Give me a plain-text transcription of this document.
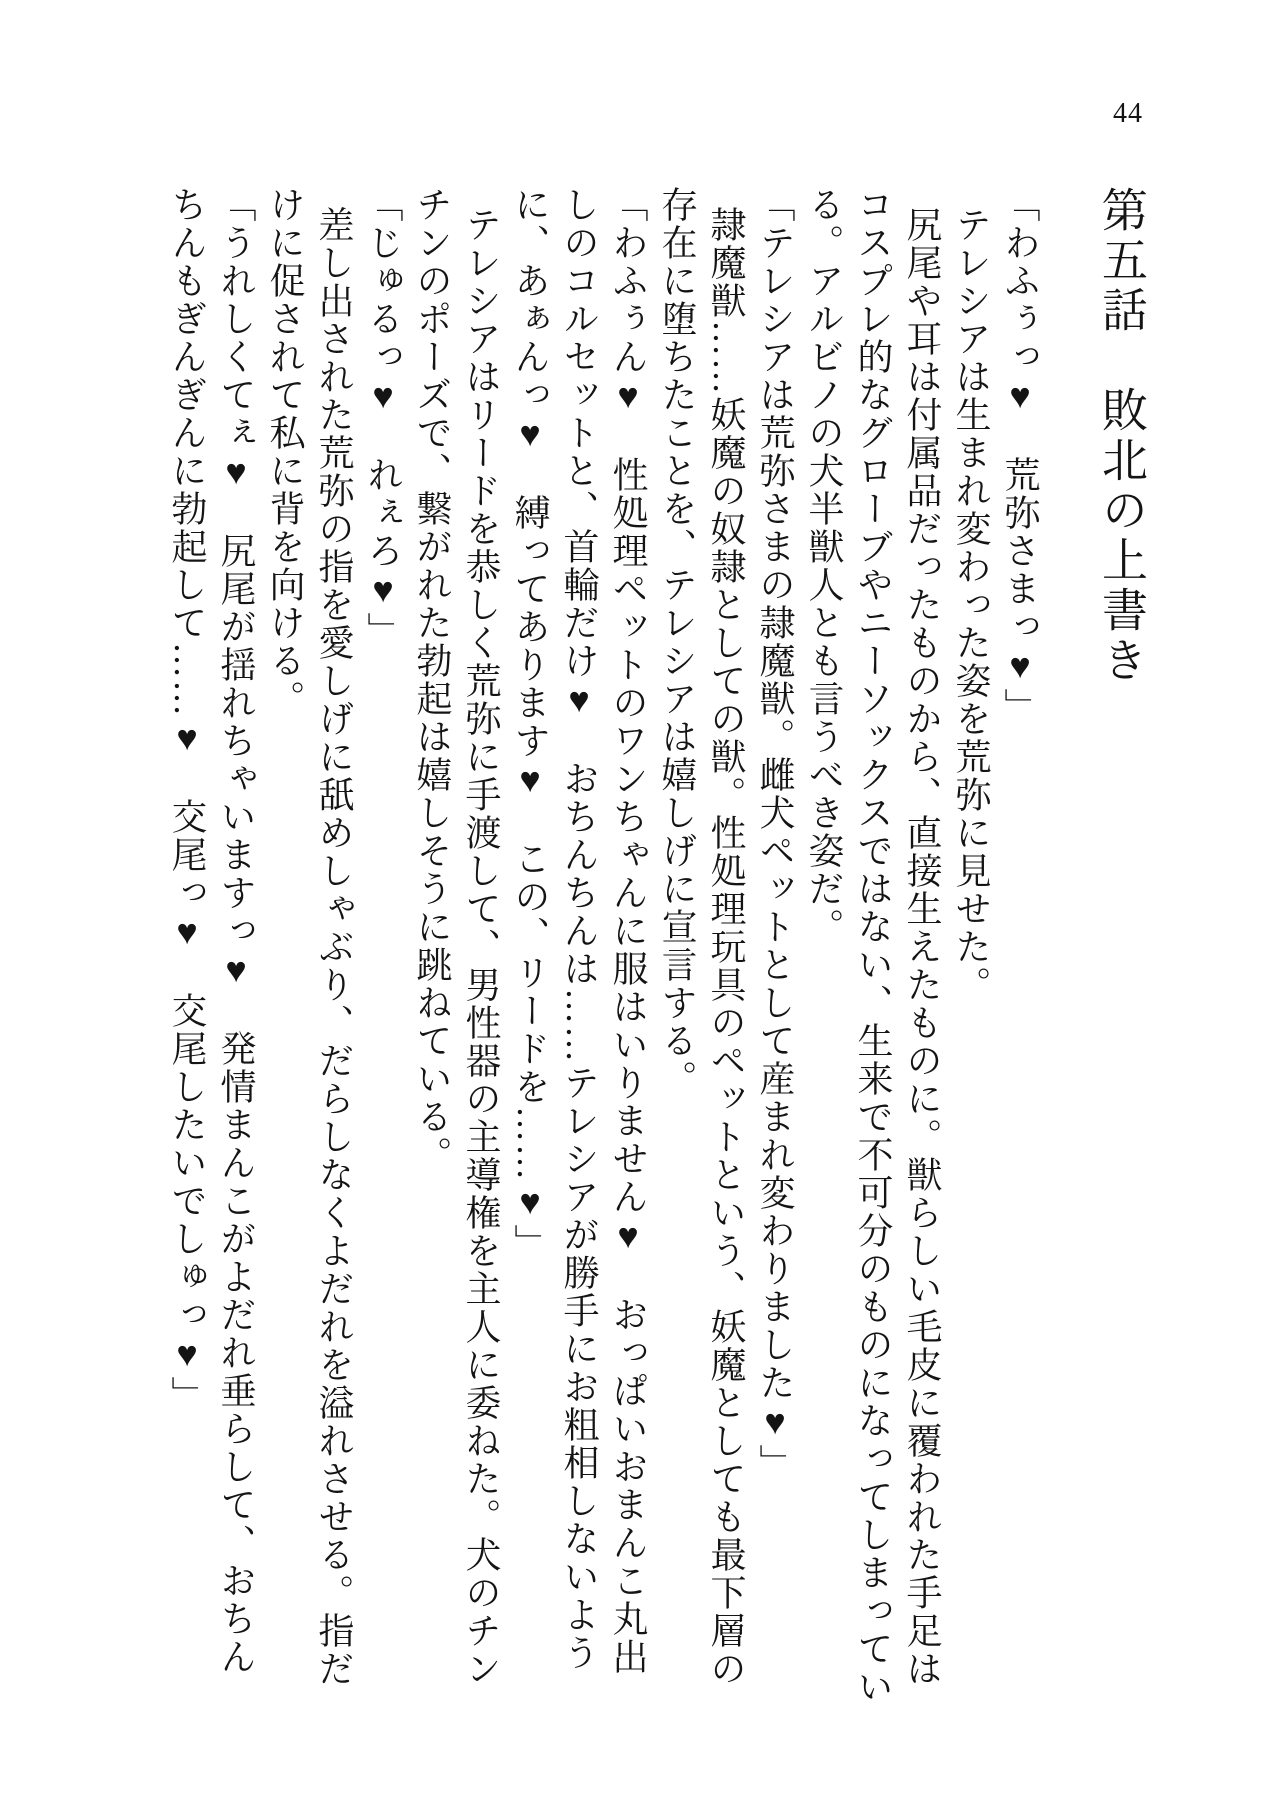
44
第五話　敗北の上書き

「わふぅっ♥　荒弥さまっ♥」

テレシアは生まれ変わった姿を荒弥に見せた。

尻尾や耳は付属品だったものから、直接生えたものに。獣らしい毛皮に覆われた手足はコスプレ的なグローブやニーソックスではない、生来で不可分のものになってしまっている。アルビノの犬半獣人とも言うべき姿だ。

「テレシアは荒弥さまの隷魔獣。雌犬ペットとして産まれ変わりました♥」

隷魔獣……妖魔の奴隷としての獣。性処理玩具のペットという、妖魔としても最下層の存在に堕ちたことを、テレシアは嬉しげに宣言する。

「わふぅん♥　性処理ペットのワンちゃんに服はいりません♥　おっぱいおまんこ丸出しのコルセットと、首輪だけ♥　おちんちんは……テレシアが勝手にお粗相しないように、あぁんっ♥　縛ってあります♥　この、リードを……♥」

テレシアはリードを恭しく荒弥に手渡して、男性器の主導権を主人に委ねた。犬のチンチンのポーズで、繋がれた勃起は嬉しそうに跳ねている。

「じゅるっ♥　れぇろ♥」

差し出された荒弥の指を愛しげに舐めしゃぶり、だらしなくよだれを溢れさせる。指だけに促されて私に背を向ける。

「うれしくてぇ♥　尻尾が揺れちゃいますっ♥　発情まんこがよだれ垂らして、おちんちんもぎんぎんに勃起して……♥　交尾っ♥　交尾したいでしゅっ♥」
